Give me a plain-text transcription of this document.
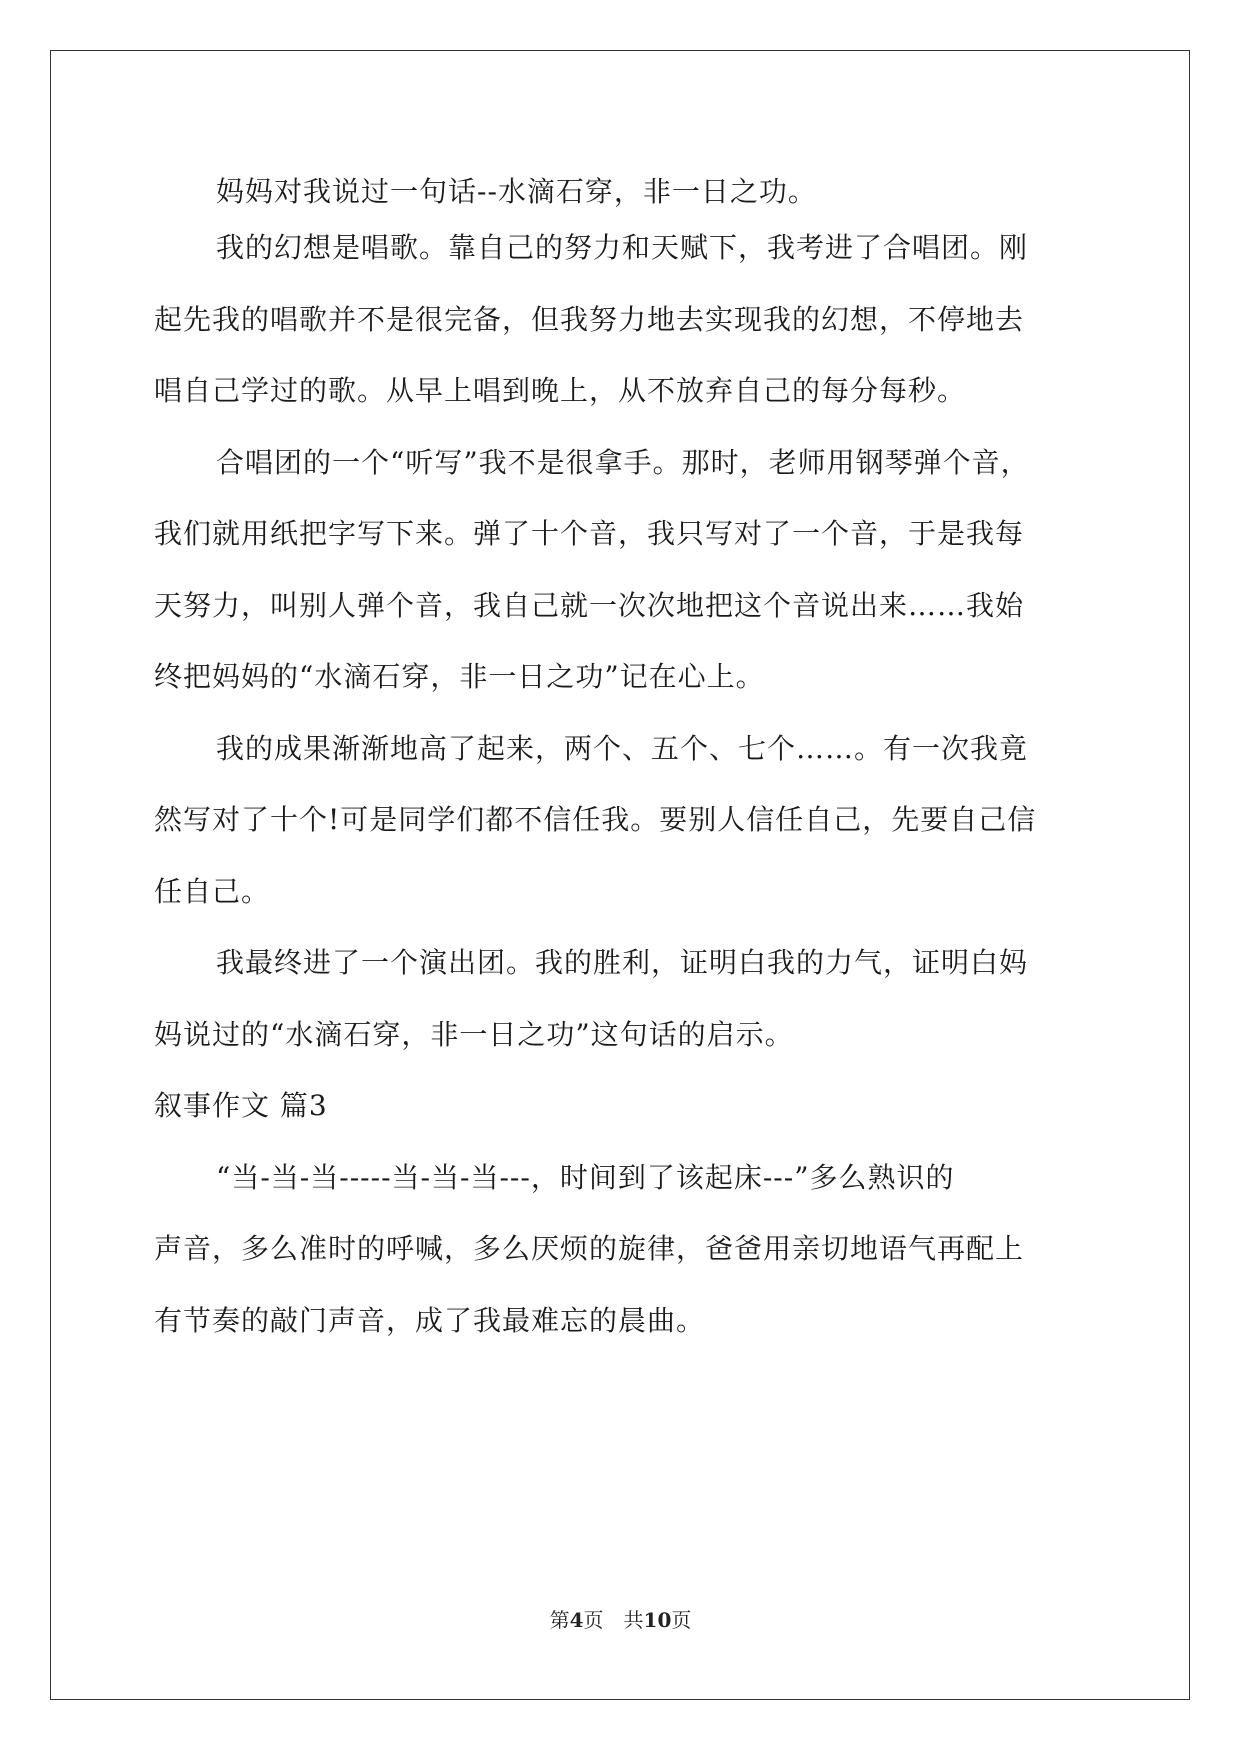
妈妈对我说过一句话--水滴石穿，非一日之功。
我的幻想是唱歌。靠自己的努力和天赋下，我考进了合唱团。刚
起先我的唱歌并不是很完备，但我努力地去实现我的幻想，不停地去
唱自己学过的歌。从早上唱到晚上，从不放弃自己的每分每秒。
合唱团的一个“听写”我不是很拿手。那时，老师用钢琴弹个音，
我们就用纸把字写下来。弹了十个音，我只写对了一个音，于是我每
天努力，叫别人弹个音，我自己就一次次地把这个音说出来……我始
终把妈妈的“水滴石穿，非一日之功”记在心上。
我的成果渐渐地高了起来，两个、五个、七个……。有一次我竟
然写对了十个!可是同学们都不信任我。要别人信任自己，先要自己信
任自己。
我最终进了一个演出团。我的胜利，证明白我的力气，证明白妈
妈说过的“水滴石穿，非一日之功”这句话的启示。
叙事作文 篇3
“当-当-当-----当-当-当---，时间到了该起床---”多么熟识的
声音，多么准时的呼喊，多么厌烦的旋律，爸爸用亲切地语气再配上
有节奏的敲门声音，成了我最难忘的晨曲。
第4页　共10页
